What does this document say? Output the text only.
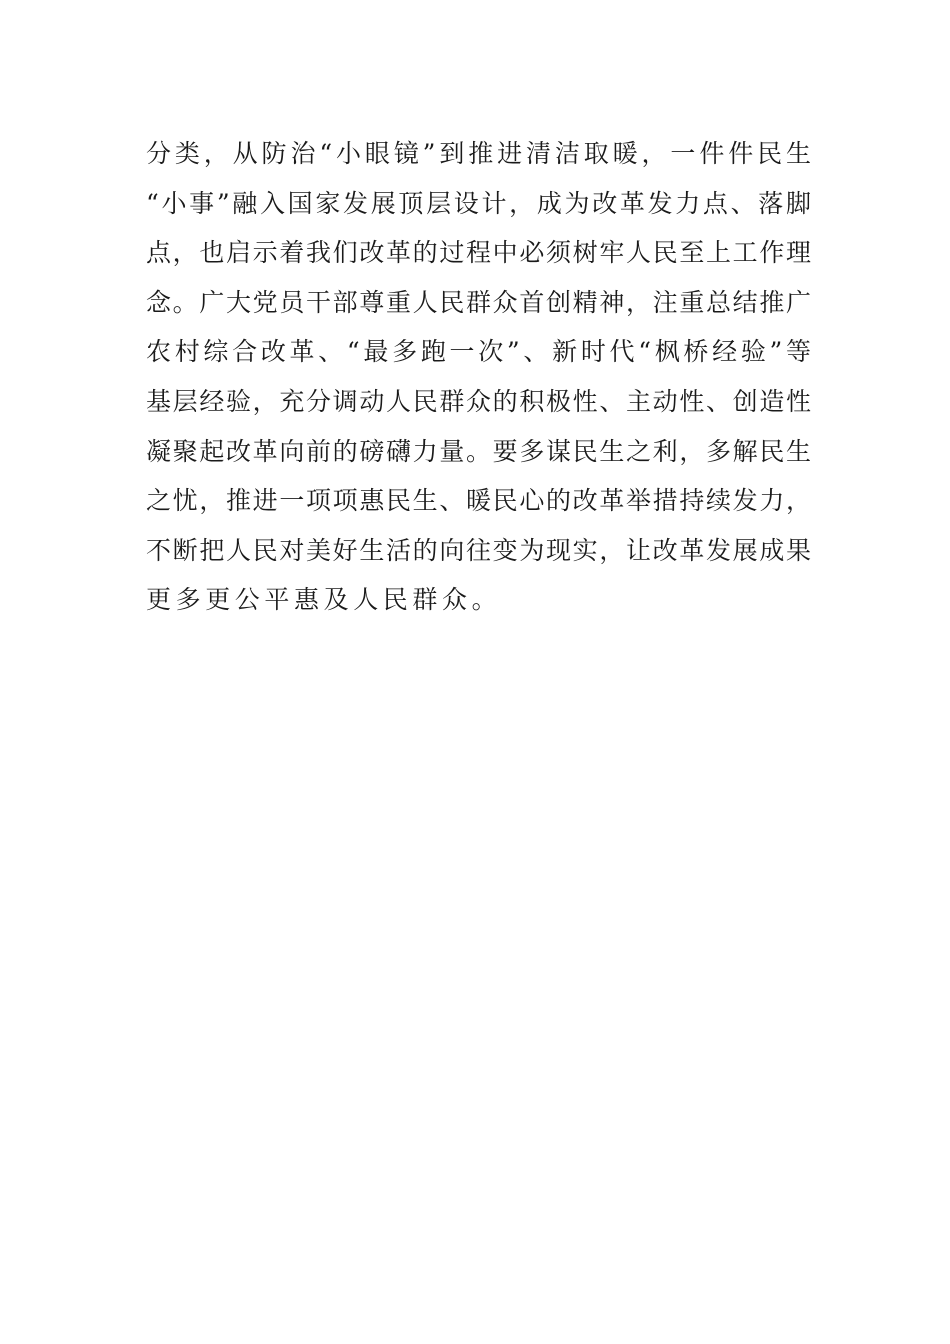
分类，从防治“小眼镜”到推进清洁取暖，一件件民生
“小事”融入国家发展顶层设计，成为改革发力点、落脚
点，也启示着我们改革的过程中必须树牢人民至上工作理
念。广大党员干部尊重人民群众首创精神，注重总结推广
农村综合改革、“最多跑一次”、新时代“枫桥经验”等
基层经验，充分调动人民群众的积极性、主动性、创造性
凝聚起改革向前的磅礴力量。要多谋民生之利，多解民生
之忧，推进一项项惠民生、暖民心的改革举措持续发力，
不断把人民对美好生活的向往变为现实，让改革发展成果
更多更公平惠及人民群众。
